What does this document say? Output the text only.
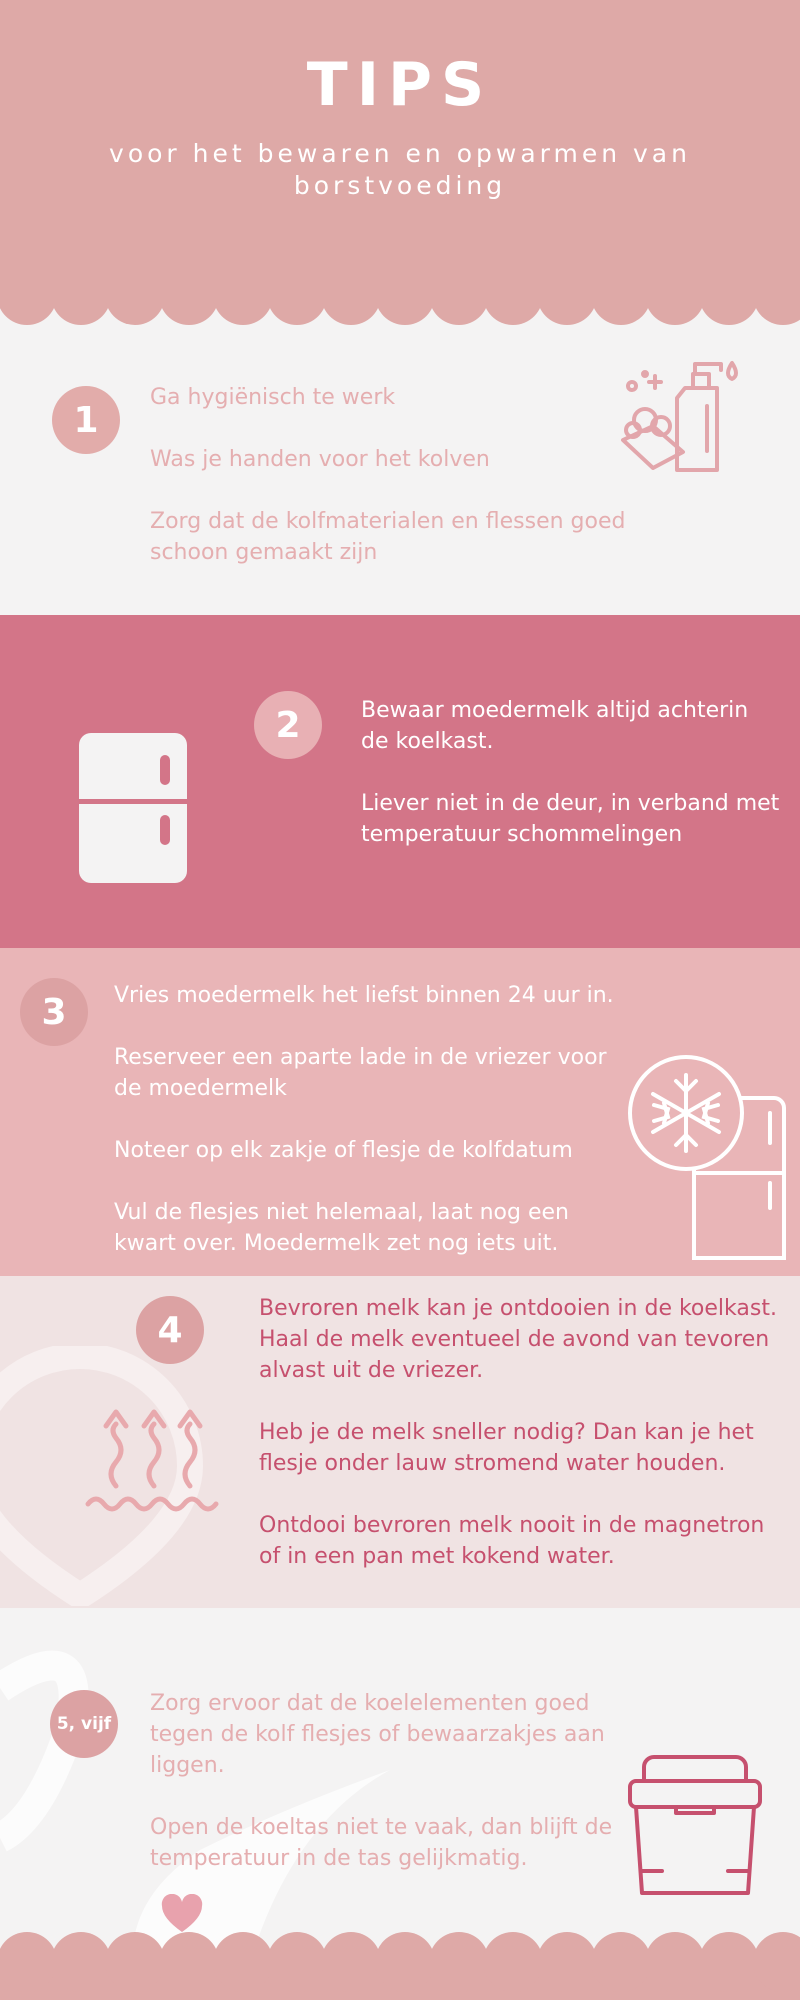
TIPS
voor het bewaren en opwarmen van borstvoeding
1

Ga hygiënisch te werk

Was je handen voor het kolven

Zorg dat de kolfmaterialen en flessen goed schoon gemaakt zijn

2	Bewaar moedermelk altijd achterin de koelkast.

Liever niet in de deur, in verband met temperatuur schommelingen

3 Vries moedermelk het liefst binnen 24 uur in.

Reserveer een aparte lade in de vriezer voor de moedermelk

Noteer op elk zakje of flesje de kolfdatum

Vul de flesjes niet helemaal, laat nog een kwart over. Moedermelk zet nog iets uit.

4

Bevroren melk kan je ontdooien in de koelkast. Haal de melk eventueel de avond van tevoren alvast uit de vriezer.

Heb je de melk sneller nodig? Dan kan je het flesje onder lauw stromend water houden.

Ontdooi bevroren melk nooit in de magnetron of in een pan met kokend water.

5, vijf

Zorg ervoor dat de koelelementen goed tegen de kolf flesjes of bewaarzakjes aan liggen.

Open de koeltas niet te vaak, dan blijft de temperatuur in de tas gelijkmatig.
